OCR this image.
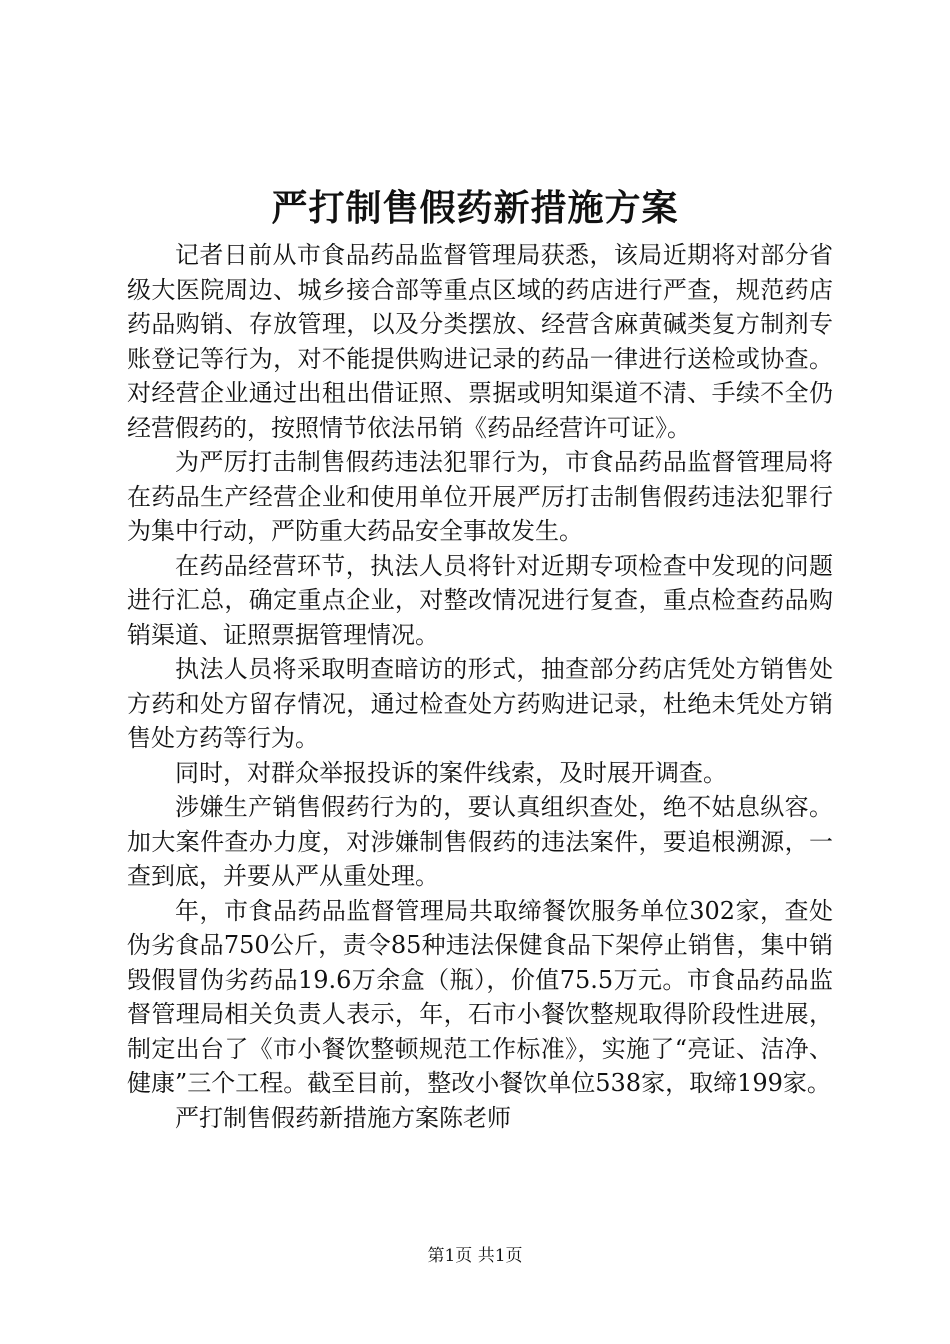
严打制售假药新措施方案

记者日前从市食品药品监督管理局获悉，该局近期将对部分省级大医院周边、城乡接合部等重点区域的药店进行严查，规范药店药品购销、存放管理，以及分类摆放、经营含麻黄碱类复方制剂专账登记等行为，对不能提供购进记录的药品一律进行送检或协查。对经营企业通过出租出借证照、票据或明知渠道不清、手续不全仍经营假药的，按照情节依法吊销《药品经营许可证》。

为严厉打击制售假药违法犯罪行为，市食品药品监督管理局将在药品生产经营企业和使用单位开展严厉打击制售假药违法犯罪行为集中行动，严防重大药品安全事故发生。

在药品经营环节，执法人员将针对近期专项检查中发现的问题进行汇总，确定重点企业，对整改情况进行复查，重点检查药品购销渠道、证照票据管理情况。

执法人员将采取明查暗访的形式，抽查部分药店凭处方销售处方药和处方留存情况，通过检查处方药购进记录，杜绝未凭处方销售处方药等行为。

同时，对群众举报投诉的案件线索，及时展开调查。

涉嫌生产销售假药行为的，要认真组织查处，绝不姑息纵容。加大案件查办力度，对涉嫌制售假药的违法案件，要追根溯源，一查到底，并要从严从重处理。

年，市食品药品监督管理局共取缔餐饮服务单位302家，查处伪劣食品750公斤，责令85种违法保健食品下架停止销售，集中销毁假冒伪劣药品19.6万余盒（瓶），价值75.5万元。市食品药品监督管理局相关负责人表示，年，石市小餐饮整规取得阶段性进展，制定出台了《市小餐饮整顿规范工作标准》，实施了“亮证、洁净、健康”三个工程。截至目前，整改小餐饮单位538家，取缔199家。

严打制售假药新措施方案陈老师

第1页 共1页
